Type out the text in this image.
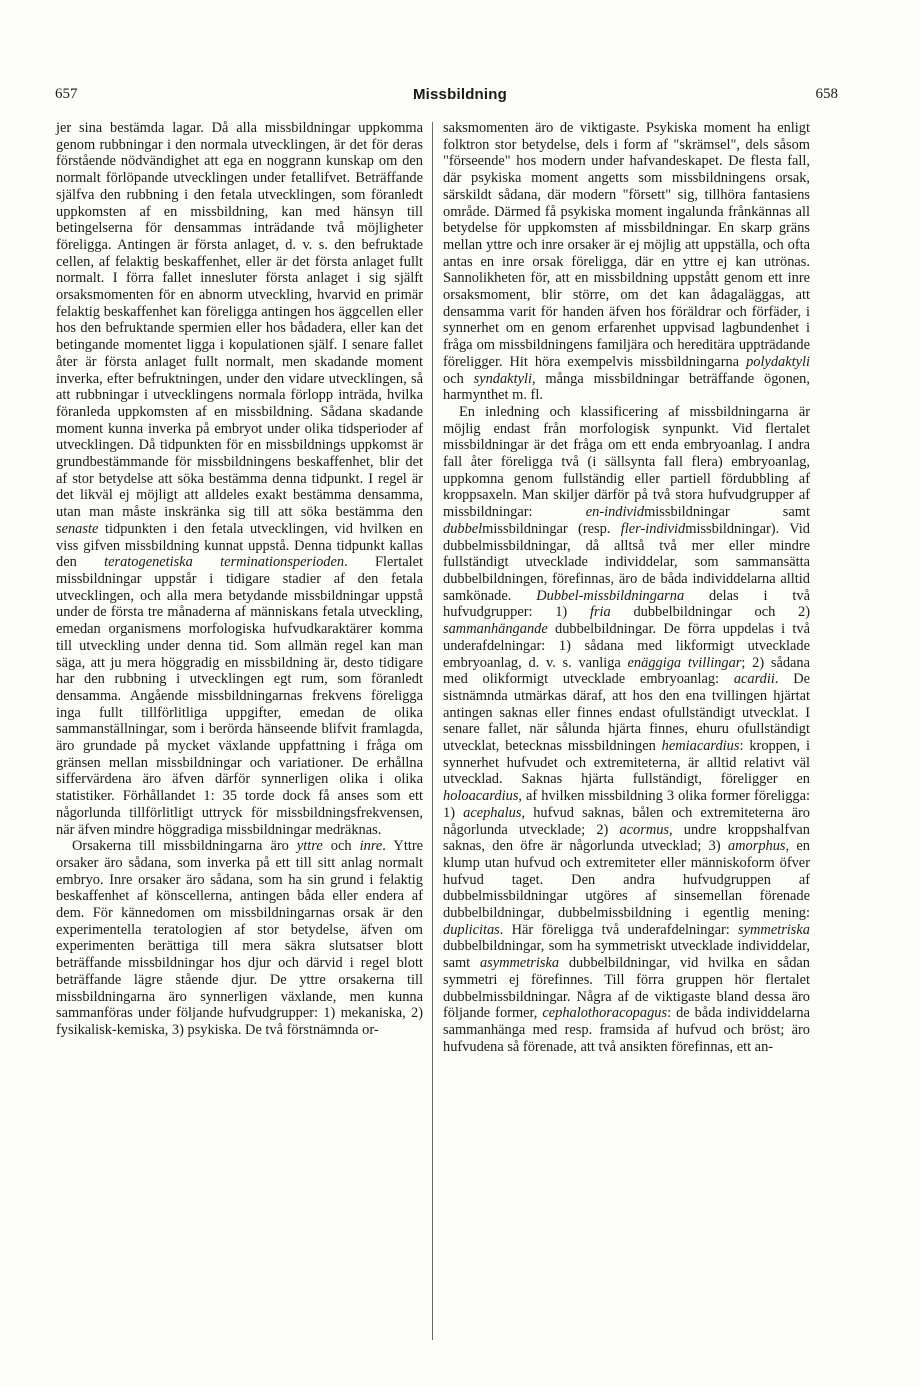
657	Missbildning	658

jer sina bestämda lagar. Då alla missbildningar uppkomma genom rubbningar i den normala utvecklingen, är det för deras förstående nödvändighet att ega en noggrann kunskap om den normalt förlöpande utvecklingen under fetallifvet. Beträffande själfva den rubbning i den fetala utvecklingen, som föranledt uppkomsten af en missbildning, kan med hänsyn till betingelserna för densammas inträdande två möjligheter föreligga. Antingen är första anlaget, d. v. s. den befruktade cellen, af felaktig beskaffenhet, eller är det första anlaget fullt normalt. I förra fallet innesluter första anlaget i sig själft orsaksmomenten för en abnorm utveckling, hvarvid en primär felaktig beskaffenhet kan föreligga antingen hos äggcellen eller hos den befruktande spermien eller hos bådadera, eller kan det betingande momentet ligga i kopulationen själf. I senare fallet åter är första anlaget fullt normalt, men skadande moment inverka, efter befruktningen, under den vidare utvecklingen, så att rubbningar i utvecklingens normala förlopp inträda, hvilka föranleda uppkomsten af en missbildning. Sådana skadande moment kunna inverka på embryot under olika tidsperioder af utvecklingen. Då tidpunkten för en missbildnings uppkomst är grundbestämmande för missbildningens beskaffenhet, blir det af stor betydelse att söka bestämma denna tidpunkt. I regel är det likväl ej möjligt att alldeles exakt bestämma densamma, utan man måste inskränka sig till att söka bestämma den senaste tidpunkten i den fetala utvecklingen, vid hvilken en viss gifven missbildning kunnat uppstå. Denna tidpunkt kallas den teratogenetiska terminationsperioden. Flertalet missbildningar uppstår i tidigare stadier af den fetala utvecklingen, och alla mera betydande missbildningar uppstå under de första tre månaderna af människans fetala utveckling, emedan organismens morfologiska hufvudkaraktärer komma till utveckling under denna tid. Som allmän regel kan man säga, att ju mera höggradig en missbildning är, desto tidigare har den rubbning i utvecklingen egt rum, som föranledt densamma. Angående missbildningarnas frekvens föreligga inga fullt tillförlitliga uppgifter, emedan de olika sammanställningar, som i berörda hänseende blifvit framlagda, äro grundade på mycket växlande uppfattning i fråga om gränsen mellan missbildningar och variationer. De erhållna siffervärdena äro äfven därför synnerligen olika i olika statistiker. Förhållandet 1: 35 torde dock få anses som ett någorlunda tillförlitligt uttryck för missbildningsfrekvensen, när äfven mindre höggradiga missbildningar medräknas.

Orsakerna till missbildningarna äro yttre och inre. Yttre orsaker äro sådana, som inverka på ett till sitt anlag normalt embryo. Inre orsaker äro sådana, som ha sin grund i felaktig beskaffenhet af könscellerna, antingen båda eller endera af dem. För kännedomen om missbildningarnas orsak är den experimentella teratologien af stor betydelse, äfven om experimenten berättiga till mera säkra slutsatser blott beträffande missbildningar hos djur och därvid i regel blott beträffande lägre stående djur. De yttre orsakerna till missbildningarna äro synnerligen växlande, men kunna sammanföras under följande hufvudgrupper: 1) mekaniska, 2) fysikalisk-kemiska, 3) psykiska. De två förstnämnda or-

saksmomenten äro de viktigaste. Psykiska moment ha enligt folktron stor betydelse, dels i form af "skrämsel", dels såsom "förseende" hos modern under hafvandeskapet. De flesta fall, där psykiska moment angetts som missbildningens orsak, särskildt sådana, där modern "försett" sig, tillhöra fantasiens område. Därmed få psykiska moment ingalunda frånkännas all betydelse för uppkomsten af missbildningar. En skarp gräns mellan yttre och inre orsaker är ej möjlig att uppställa, och ofta antas en inre orsak föreligga, där en yttre ej kan utrönas. Sannolikheten för, att en missbildning uppstått genom ett inre orsaksmoment, blir större, om det kan ådagaläggas, att densamma varit för handen äfven hos föräldrar och förfäder, i synnerhet om en genom erfarenhet uppvisad lagbundenhet i fråga om missbildningens familjära och hereditära uppträdande föreligger. Hit höra exempelvis missbildningarna polydaktyli och syndaktyli, många missbildningar beträffande ögonen, harmynthet m. fl.

En inledning och klassificering af missbildningarna är möjlig endast från morfologisk synpunkt. Vid flertalet missbildningar är det fråga om ett enda embryoanlag. I andra fall åter föreligga två (i sällsynta fall flera) embryoanlag, uppkomna genom fullständig eller partiell fördubbling af kroppsaxeln. Man skiljer därför på två stora hufvudgrupper af missbildningar: en-individmissbildningar samt dubbelmissbildningar (resp. fler-individmissbildningar). Vid dubbelmissbildningar, då alltså två mer eller mindre fullständigt utvecklade individdelar, som sammansätta dubbelbildningen, förefinnas, äro de båda individdelarna alltid samkönade. Dubbel-missbildningarna delas i två hufvudgrupper: 1) fria dubbelbildningar och 2) sammanhängande dubbelbildningar. De förra uppdelas i två underafdelningar: 1) sådana med likformigt utvecklade embryoanlag, d. v. s. vanliga enäggiga tvillingar; 2) sådana med olikformigt utvecklade embryoanlag: acardii. De sistnämnda utmärkas däraf, att hos den ena tvillingen hjärtat antingen saknas eller finnes endast ofullständigt utvecklat. I senare fallet, när sålunda hjärta finnes, ehuru ofullständigt utvecklat, betecknas missbildningen hemiacardius: kroppen, i synnerhet hufvudet och extremiteterna, är alltid relativt väl utvecklad. Saknas hjärta fullständigt, föreligger en holoacardius, af hvilken missbildning 3 olika former föreligga: 1) acephalus, hufvud saknas, bålen och extremiteterna äro någorlunda utvecklade; 2) acormus, undre kroppshalfvan saknas, den öfre är någorlunda utvecklad; 3) amorphus, en klump utan hufvud och extremiteter eller människoform öfver hufvud taget. Den andra hufvudgruppen af dubbelmissbildningar utgöres af sinsemellan förenade dubbelbildningar, dubbelmissbildning i egentlig mening: duplicitas. Här föreligga två underafdelningar: symmetriska dubbelbildningar, som ha symmetriskt utvecklade individdelar, samt asymmetriska dubbelbildningar, vid hvilka en sådan symmetri ej förefinnes. Till förra gruppen hör flertalet dubbelmissbildningar. Några af de viktigaste bland dessa äro följande former, cephalothoracopagus: de båda individdelarna sammanhänga med resp. framsida af hufvud och bröst; äro hufvudena så förenade, att två ansikten förefinnas, ett an-
